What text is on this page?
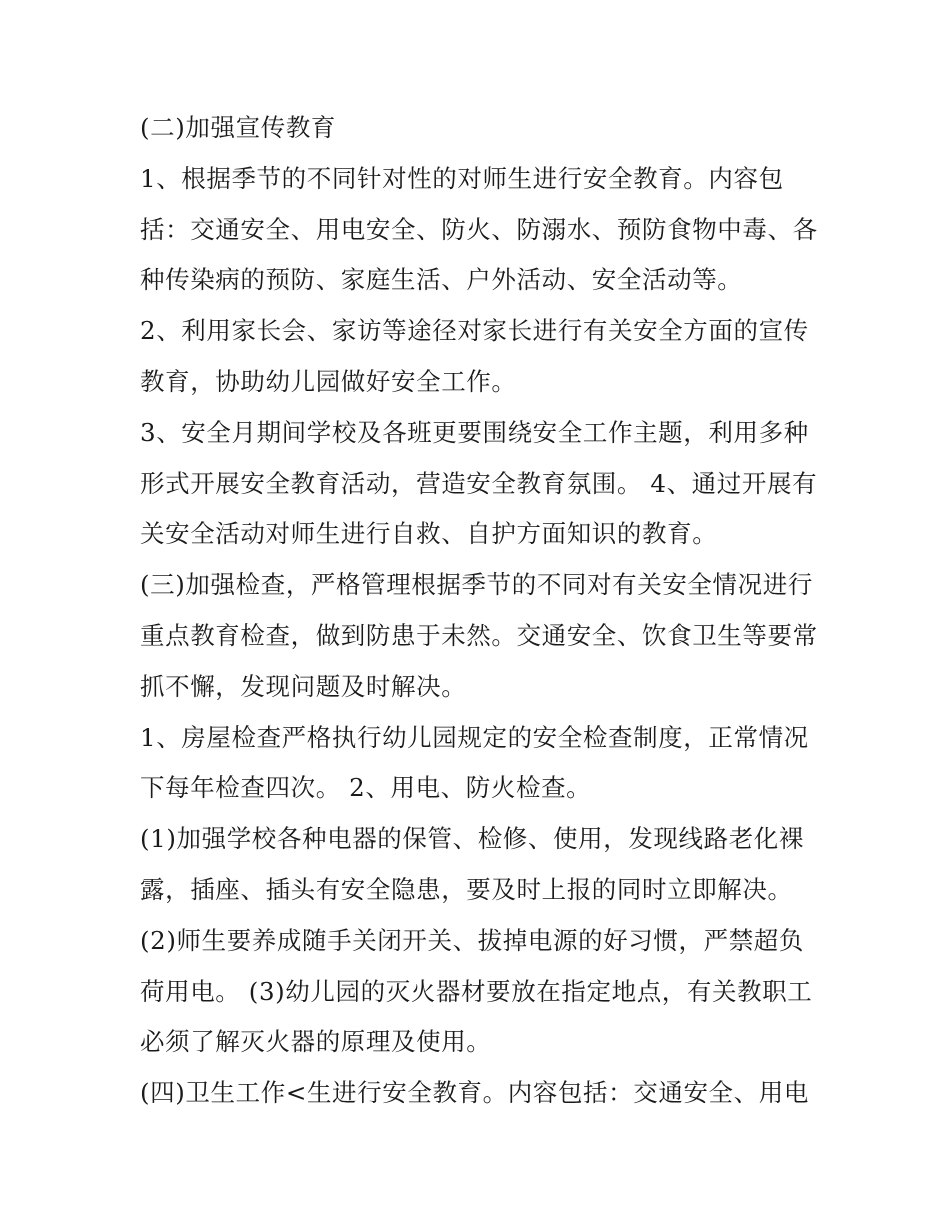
(二)加强宣传教育
1、根据季节的不同针对性的对师生进行安全教育。内容包
括：交通安全、用电安全、防火、防溺水、预防食物中毒、各
种传染病的预防、家庭生活、户外活动、安全活动等。
2、利用家长会、家访等途径对家长进行有关安全方面的宣传
教育，协助幼儿园做好安全工作。
3、安全月期间学校及各班更要围绕安全工作主题，利用多种
形式开展安全教育活动，营造安全教育氛围。 4、通过开展有
关安全活动对师生进行自救、自护方面知识的教育。
(三)加强检查，严格管理根据季节的不同对有关安全情况进行
重点教育检查，做到防患于未然。交通安全、饮食卫生等要常
抓不懈，发现问题及时解决。
1、房屋检查严格执行幼儿园规定的安全检查制度，正常情况
下每年检查四次。 2、用电、防火检查。
(1)加强学校各种电器的保管、检修、使用，发现线路老化裸
露，插座、插头有安全隐患，要及时上报的同时立即解决。
(2)师生要养成随手关闭开关、拔掉电源的好习惯，严禁超负
荷用电。 (3)幼儿园的灭火器材要放在指定地点，有关教职工
必须了解灭火器的原理及使用。
(四)卫生工作<生进行安全教育。内容包括：交通安全、用电
